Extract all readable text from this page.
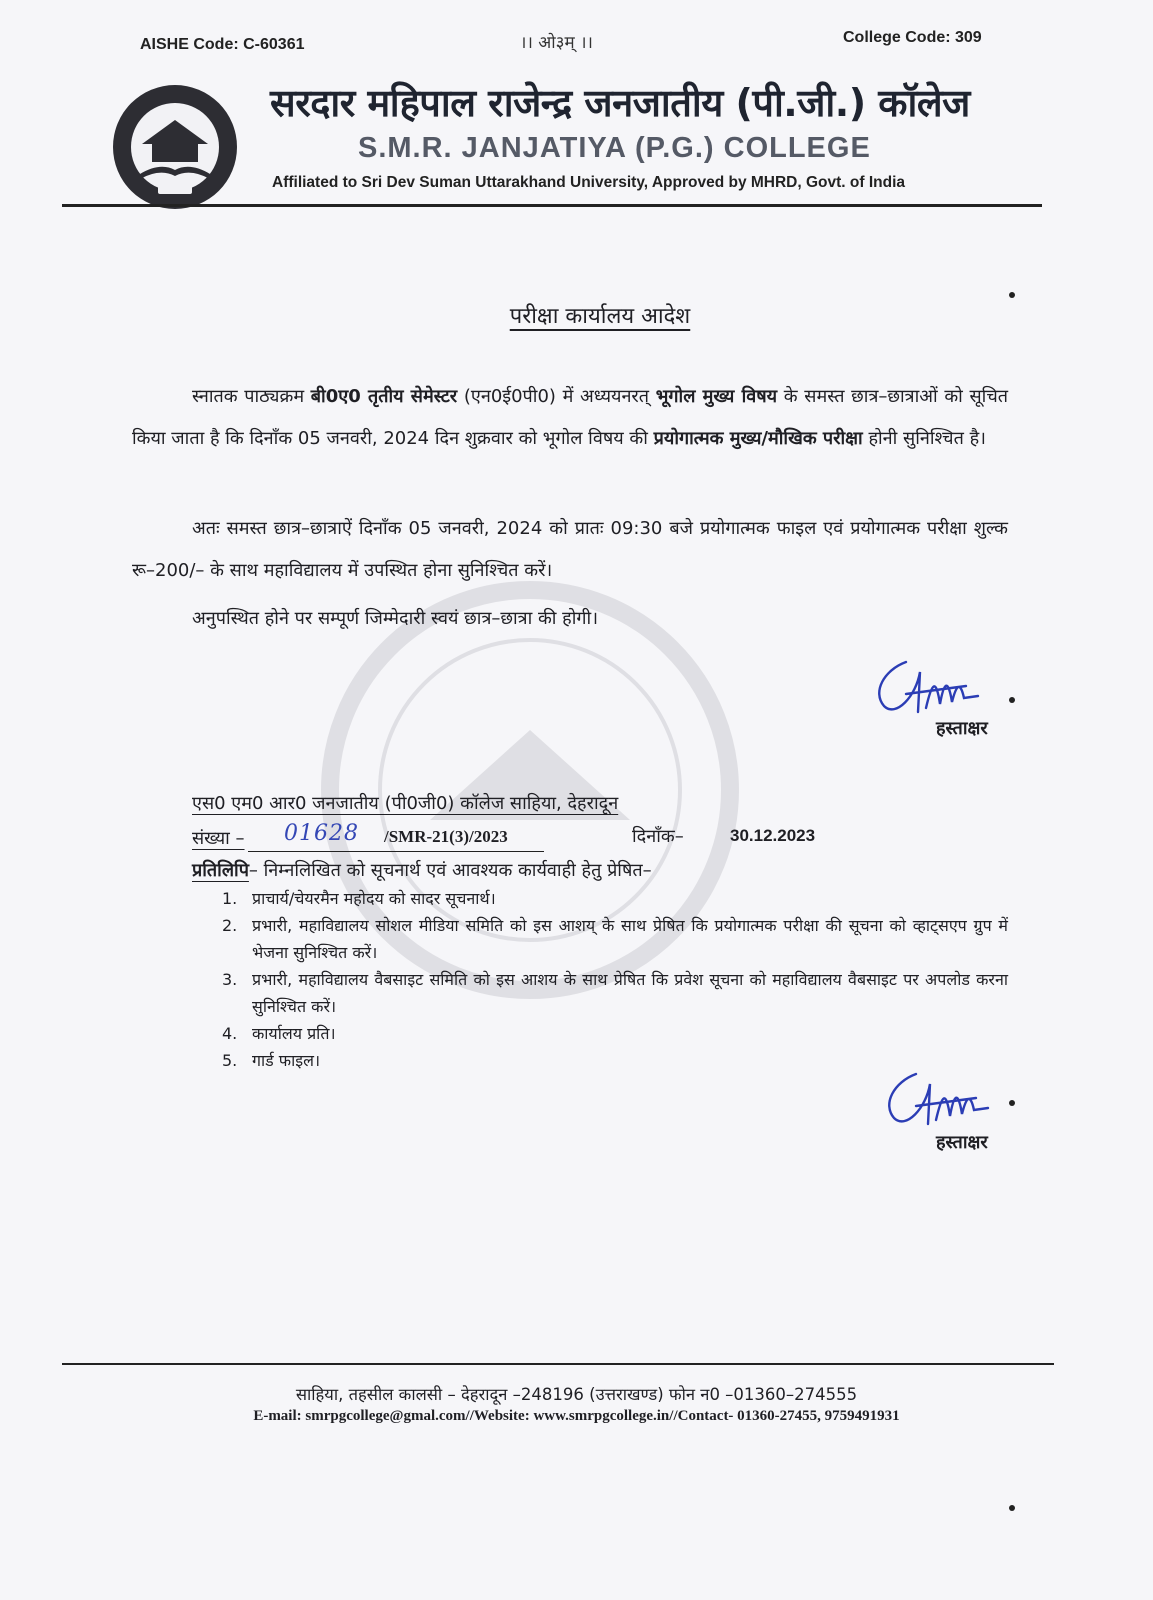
AISHE Code: C-60361	।। ओ३म् ।।	College Code: 309
सरदार महिपाल राजेन्द्र जनजातीय (पी.जी.) कॉलेज
S.M.R. JANJATIYA (P.G.) COLLEGE
Affiliated to Sri Dev Suman Uttarakhand University, Approved by MHRD, Govt. of India
परीक्षा कार्यालय आदेश
स्नातक पाठ्यक्रम बी0ए0 तृतीय सेमेस्टर (एन0ई0पी0) में अध्ययनरत् भूगोल मुख्य विषय के समस्त छात्र–छात्राओं को सूचित किया जाता है कि दिनाँक 05 जनवरी, 2024 दिन शुक्रवार को भूगोल विषय की प्रयोगात्मक मुख्य/मौखिक परीक्षा होनी सुनिश्चित है।
अतः समस्त छात्र–छात्राऐं दिनाँक 05 जनवरी, 2024 को प्रातः 09:30 बजे प्रयोगात्मक फाइल एवं प्रयोगात्मक परीक्षा शुल्क रू–200/– के साथ महाविद्यालय में उपस्थित होना सुनिश्चित करें।
अनुपस्थित होने पर सम्पूर्ण जिम्मेदारी स्वयं छात्र–छात्रा की होगी।
हस्ताक्षर
एस0 एम0 आर0 जनजातीय (पी0जी0) कॉलेज साहिया, देहरादून
संख्या – 01628 /SMR-21(3)/2023	दिनाँक–	30.12.2023
प्रतिलिपि– निम्नलिखित को सूचनार्थ एवं आवश्यक कार्यवाही हेतु प्रेषित–
1. प्राचार्य/चेयरमैन महोदय को सादर सूचनार्थ।
2. प्रभारी, महाविद्यालय सोशल मीडिया समिति को इस आशय् के साथ प्रेषित कि प्रयोगात्मक परीक्षा की सूचना को व्हाट्सएप ग्रुप में भेजना सुनिश्चित करें।
3. प्रभारी, महाविद्यालय वैबसाइट समिति को इस आशय के साथ प्रेषित कि प्रवेश सूचना को महाविद्यालय वैबसाइट पर अपलोड करना सुनिश्चित करें।
4. कार्यालय प्रति।
5. गार्ड फाइल।
हस्ताक्षर
साहिया, तहसील कालसी – देहरादून –248196 (उत्तराखण्ड) फोन न0 –01360–274555
E-mail: smrpgcollege@gmal.com//Website: www.smrpgcollege.in//Contact- 01360-27455, 9759491931
